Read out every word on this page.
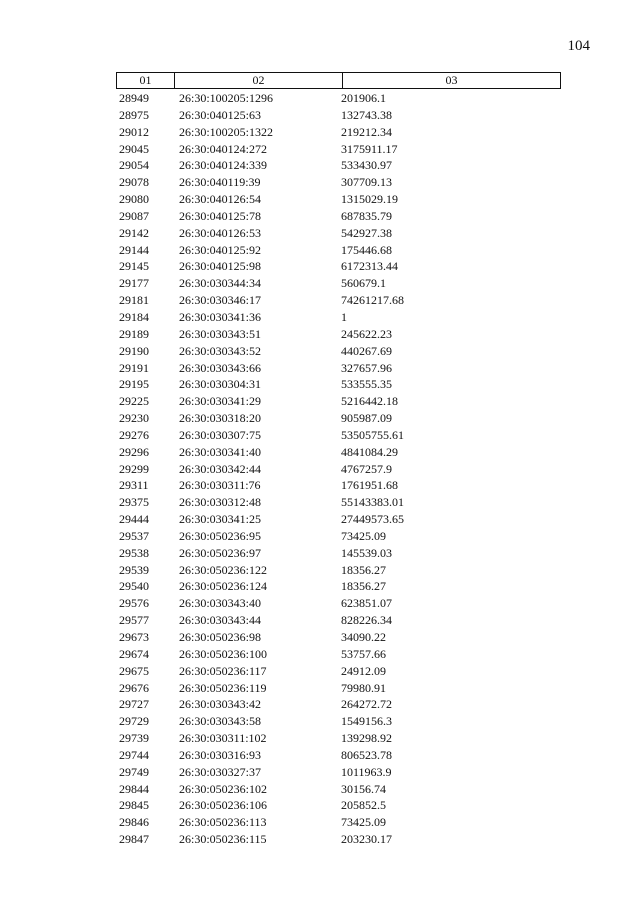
104
01	02	03
28949	26:30:100205:1296	201906.1
28975	26:30:040125:63	132743.38
29012	26:30:100205:1322	219212.34
29045	26:30:040124:272	3175911.17
29054	26:30:040124:339	533430.97
29078	26:30:040119:39	307709.13
29080	26:30:040126:54	1315029.19
29087	26:30:040125:78	687835.79
29142	26:30:040126:53	542927.38
29144	26:30:040125:92	175446.68
29145	26:30:040125:98	6172313.44
29177	26:30:030344:34	560679.1
29181	26:30:030346:17	74261217.68
29184	26:30:030341:36	1
29189	26:30:030343:51	245622.23
29190	26:30:030343:52	440267.69
29191	26:30:030343:66	327657.96
29195	26:30:030304:31	533555.35
29225	26:30:030341:29	5216442.18
29230	26:30:030318:20	905987.09
29276	26:30:030307:75	53505755.61
29296	26:30:030341:40	4841084.29
29299	26:30:030342:44	4767257.9
29311	26:30:030311:76	1761951.68
29375	26:30:030312:48	55143383.01
29444	26:30:030341:25	27449573.65
29537	26:30:050236:95	73425.09
29538	26:30:050236:97	145539.03
29539	26:30:050236:122	18356.27
29540	26:30:050236:124	18356.27
29576	26:30:030343:40	623851.07
29577	26:30:030343:44	828226.34
29673	26:30:050236:98	34090.22
29674	26:30:050236:100	53757.66
29675	26:30:050236:117	24912.09
29676	26:30:050236:119	79980.91
29727	26:30:030343:42	264272.72
29729	26:30:030343:58	1549156.3
29739	26:30:030311:102	139298.92
29744	26:30:030316:93	806523.78
29749	26:30:030327:37	1011963.9
29844	26:30:050236:102	30156.74
29845	26:30:050236:106	205852.5
29846	26:30:050236:113	73425.09
29847	26:30:050236:115	203230.17
